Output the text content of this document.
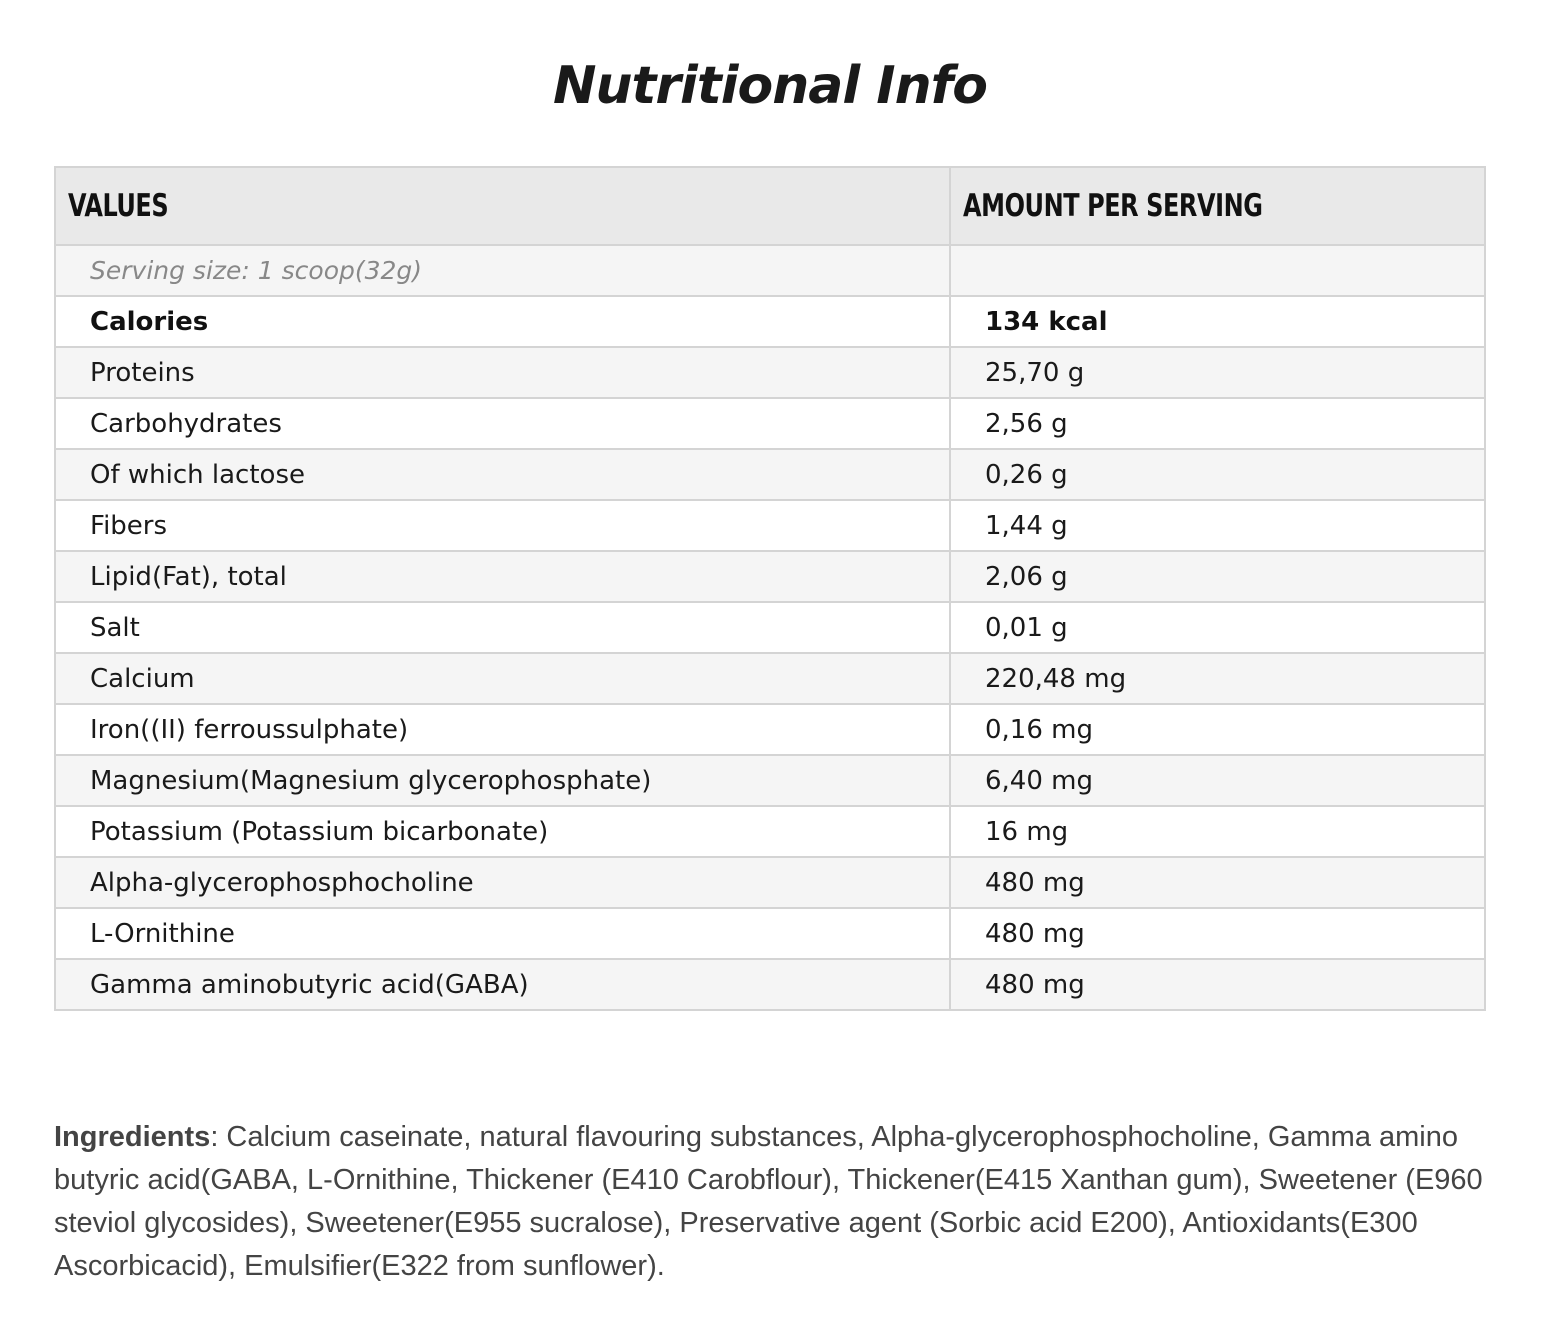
Nutritional Info
VALUES	AMOUNT PER SERVING
Serving size: 1 scoop(32g)	
Calories	134 kcal
Proteins	25,70 g
Carbohydrates	2,56 g
Of which lactose	0,26 g
Fibers	1,44 g
Lipid(Fat), total	2,06 g
Salt	0,01 g
Calcium	220,48 mg
Iron((II) ferroussulphate)	0,16 mg
Magnesium(Magnesium glycerophosphate)	6,40 mg
Potassium (Potassium bicarbonate)	16 mg
Alpha-glycerophosphocholine	480 mg
L-Ornithine	480 mg
Gamma aminobutyric acid(GABA)	480 mg

Ingredients: Calcium caseinate, natural flavouring substances, Alpha-glycerophosphocholine, Gamma amino butyric acid(GABA, L-Ornithine, Thickener (E410 Carobflour), Thickener(E415 Xanthan gum), Sweetener (E960 steviol glycosides), Sweetener(E955 sucralose), Preservative agent (Sorbic acid E200), Antioxidants(E300 Ascorbicacid), Emulsifier(E322 from sunflower).
